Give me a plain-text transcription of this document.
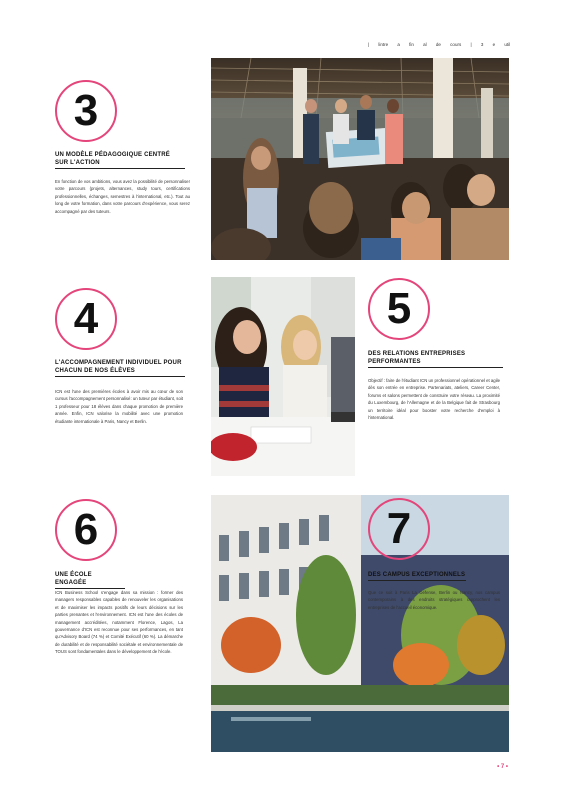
| lintre a fin al de cours | 3 e util
3
UN MODÈLE PÉDAGOGIQUE CENTRÉ SUR L'ACTION
En fonction de vos ambitions, vous avez la possibilité de personnaliser votre parcours (projets, alternances, study tours, certifications professionnelles, échanges, semestres à l'international, etc.). Tout au long de votre formation, dans votre parcours d'expérience, vous serez accompagné par des tuteurs.
4
L'ACCOMPAGNEMENT INDIVIDUEL POUR CHACUN DE NOS ÉLÈVES
ICN est l'une des premières écoles à avoir mis au cœur de son cursus l'accompagnement personnalisé: un tuteur par étudiant, soit 1 professeur pour 18 élèves dans chaque promotion de première année. Enfin, ICN valorise la mobilité avec une promotion étudiante internationale à Paris, Nancy et Berlin.
5
DES RELATIONS ENTREPRISES PERFORMANTES
Objectif : faire de l'étudiant ICN un professionnel opérationnel et agile dès son entrée en entreprise. Partenariats, ateliers, Career Center, forums et salons permettent de construire votre réseau. La proximité du Luxembourg, de l'Allemagne et de la Belgique fait de Strasbourg un territoire idéal pour booster votre recherche d'emploi à l'international.
6
UNE ÉCOLE ENGAGÉE
ICN Business School s'engage dans sa mission : former des managers responsables capables de renouveler les organisations et de maximiser les impacts positifs de leurs décisions sur les parties prenantes et l'environnement. ICN est l'une des écoles de management accréditées, notamment Florence, Lagos, La gouvernance d'ICN est reconnue pour ses performances, en tant qu'Advisory Board (74 %) et Comité Exécutif (60 %). La démarche de durabilité et de responsabilité sociétale et environnementale de TOUS sont fondamentales dans le développement de l'école.
7
DES CAMPUS EXCEPTIONNELS
Que ce soit à Paris La Défense, Berlin ou Nancy, nos campus contemporains à des endroits stratégiques rapprochent les entreprises de l'accueil économique.
• 7 •
